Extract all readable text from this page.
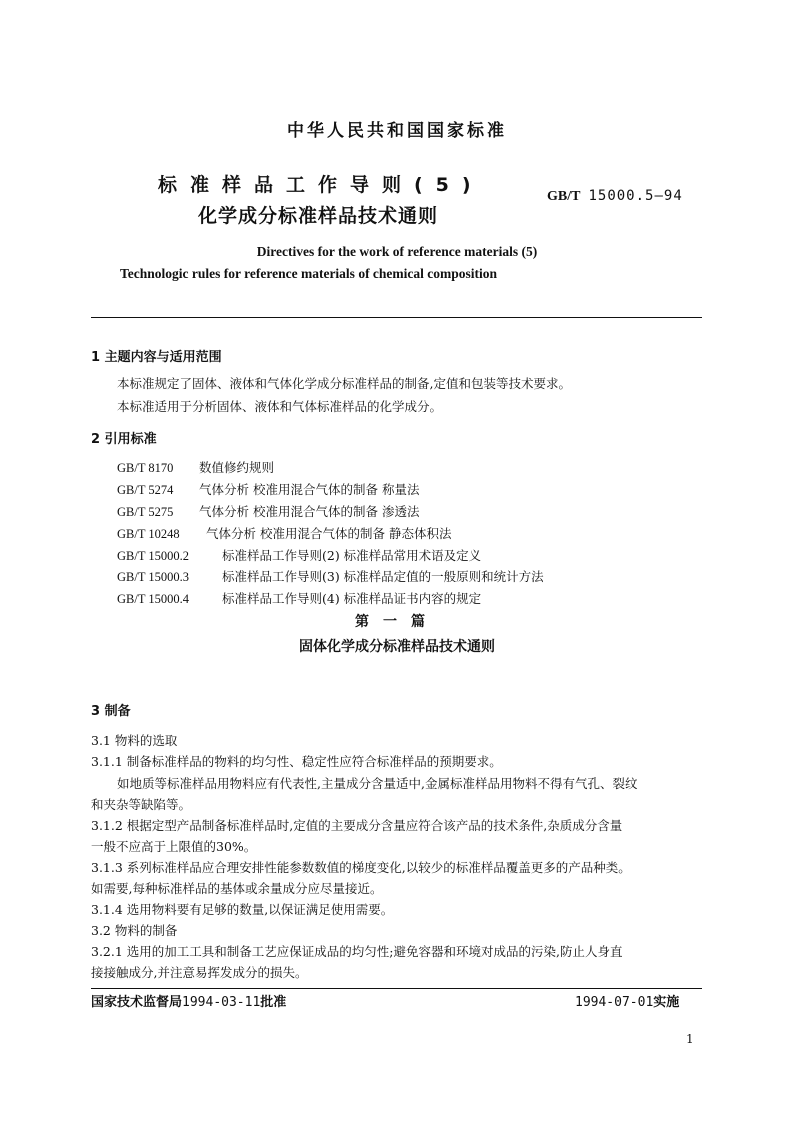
中华人民共和国国家标准
标准样品工作导则(5)
化学成分标准样品技术通则
GB/T 15000.5—94
Directives for the work of reference materials (5)
Technologic rules for reference materials of chemical composition
1 主题内容与适用范围
本标准规定了固体、液体和气体化学成分标准样品的制备,定值和包装等技术要求。
本标准适用于分析固体、液体和气体标准样品的化学成分。
2 引用标准
GB/T 8170 数值修约规则
GB/T 5274 气体分析 校准用混合气体的制备 称量法
GB/T 5275 气体分析 校准用混合气体的制备 渗透法
GB/T 10248 气体分析 校准用混合气体的制备 静态体积法
GB/T 15000.2	标准样品工作导则(2) 标准样品常用术语及定义
GB/T 15000.3	标准样品工作导则(3) 标准样品定值的一般原则和统计方法
GB/T 15000.4	标准样品工作导则(4) 标准样品证书内容的规定
第一篇
固体化学成分标准样品技术通则
3 制备
3.1 物料的选取
3.1.1 制备标准样品的物料的均匀性、稳定性应符合标准样品的预期要求。
如地质等标准样品用物料应有代表性,主量成分含量适中,金属标准样品用物料不得有气孔、裂纹
和夹杂等缺陷等。
3.1.2 根据定型产品制备标准样品时,定值的主要成分含量应符合该产品的技术条件,杂质成分含量
一般不应高于上限值的30%。
3.1.3 系列标准样品应合理安排性能参数数值的梯度变化,以较少的标准样品覆盖更多的产品种类。
如需要,每种标准样品的基体或余量成分应尽量接近。
3.1.4 选用物料要有足够的数量,以保证满足使用需要。
3.2 物料的制备
3.2.1 选用的加工工具和制备工艺应保证成品的均匀性;避免容器和环境对成品的污染,防止人身直
接接触成分,并注意易挥发成分的损失。
国家技术监督局1994-03-11批准	1994-07-01实施
1
